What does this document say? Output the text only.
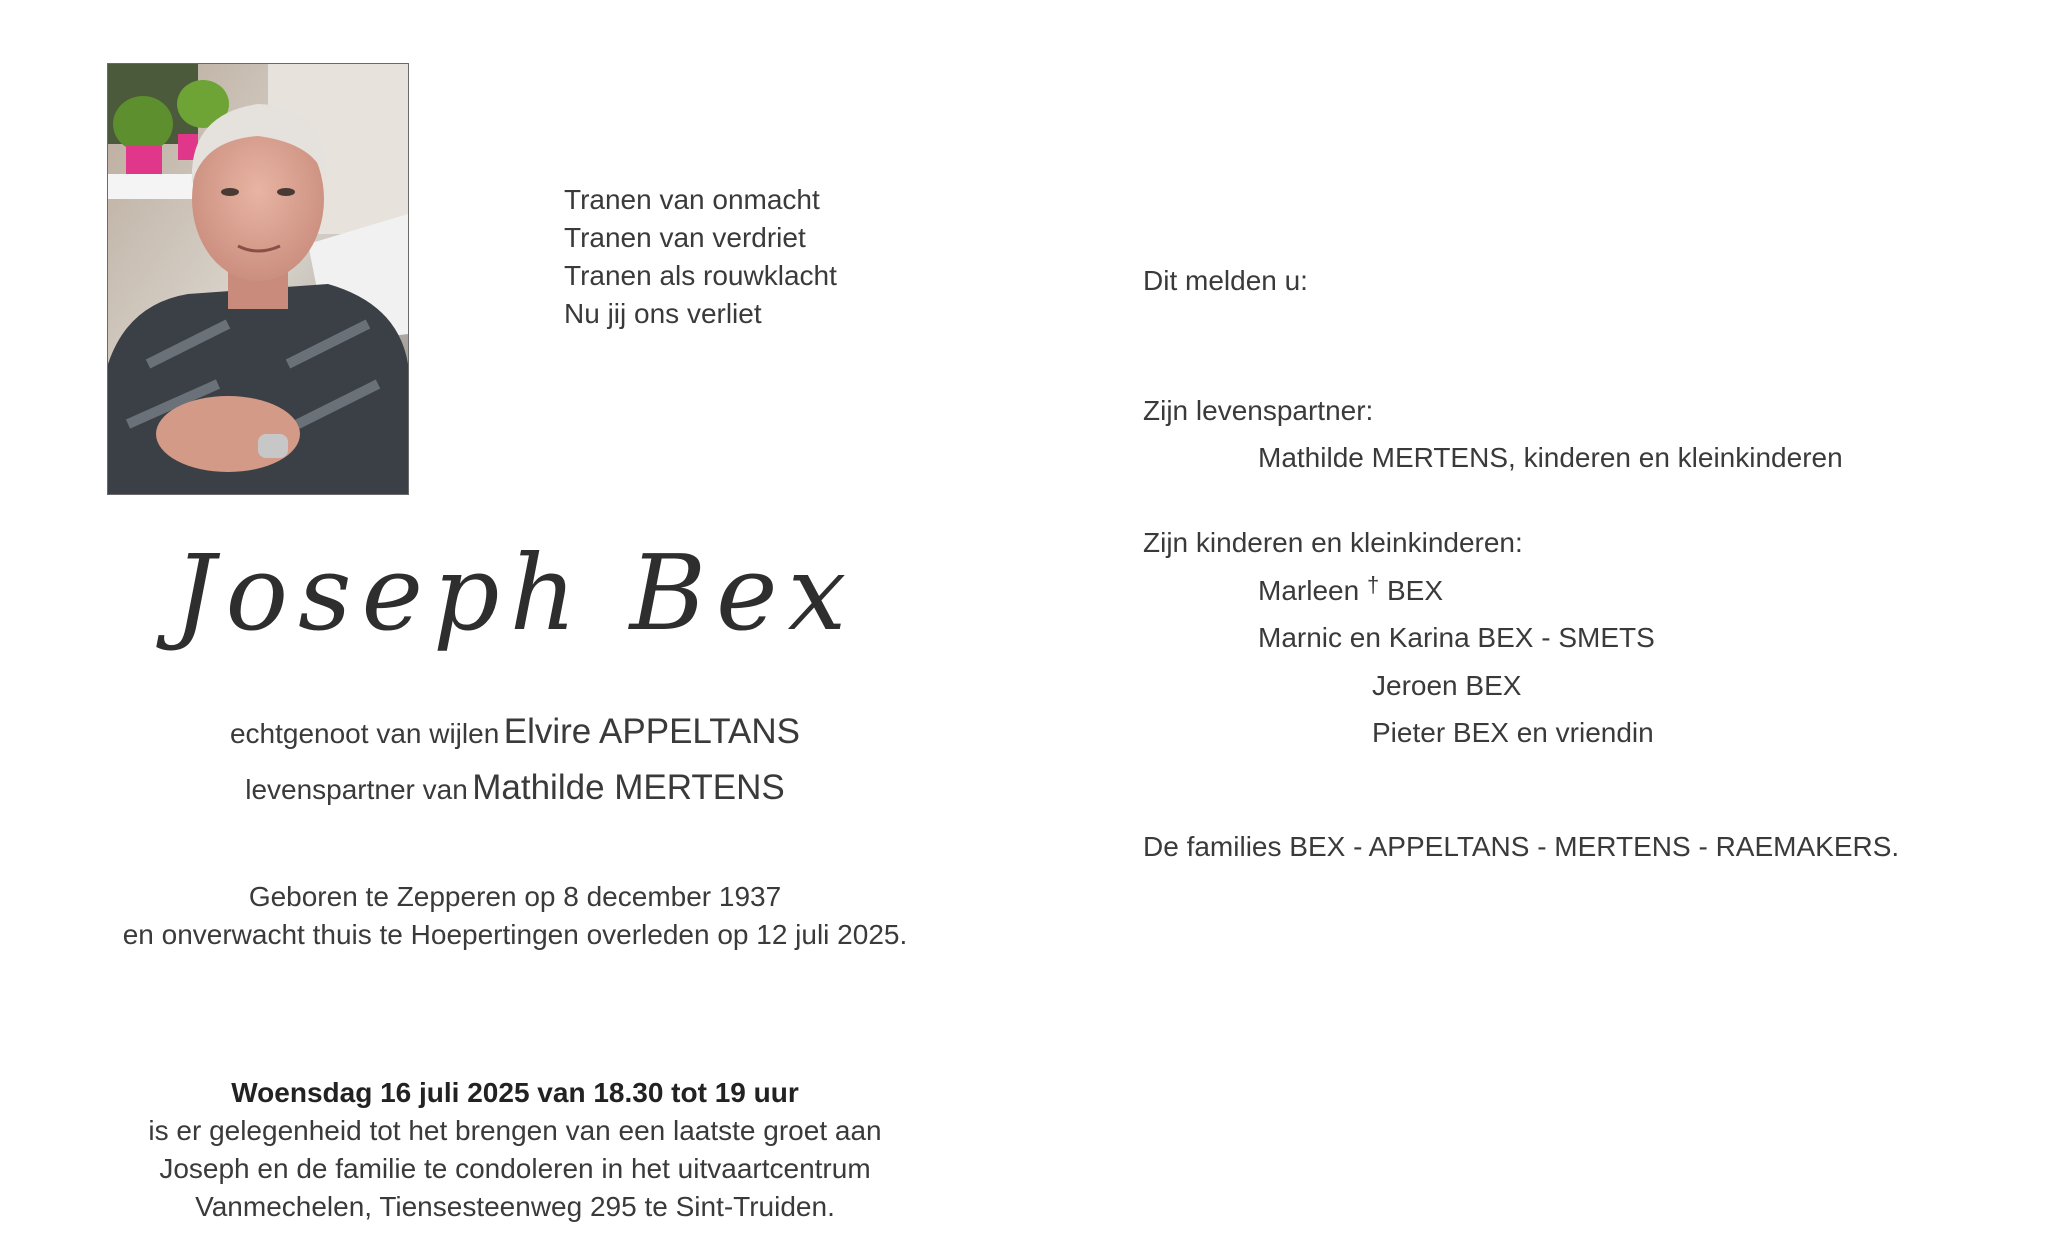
Tranen van onmacht
Tranen van verdriet
Tranen als rouwklacht
Nu jij ons verliet
Joseph Bex
echtgenoot van wijlen Elvire APPELTANS
levenspartner van Mathilde MERTENS
Geboren te Zepperen op 8 december 1937
en onverwacht thuis te Hoepertingen overleden op 12 juli 2025.
Woensdag 16 juli 2025 van 18.30 tot 19 uur
is er gelegenheid tot het brengen van een laatste groet aan
Joseph en de familie te condoleren in het uitvaartcentrum
Vanmechelen, Tiensesteenweg 295 te Sint-Truiden.
Dit melden u:
Zijn levenspartner:
Mathilde MERTENS, kinderen en kleinkinderen
Zijn kinderen en kleinkinderen:
Marleen † BEX
Marnic en Karina BEX - SMETS
Jeroen BEX
Pieter BEX en vriendin
De families BEX - APPELTANS - MERTENS - RAEMAKERS.
